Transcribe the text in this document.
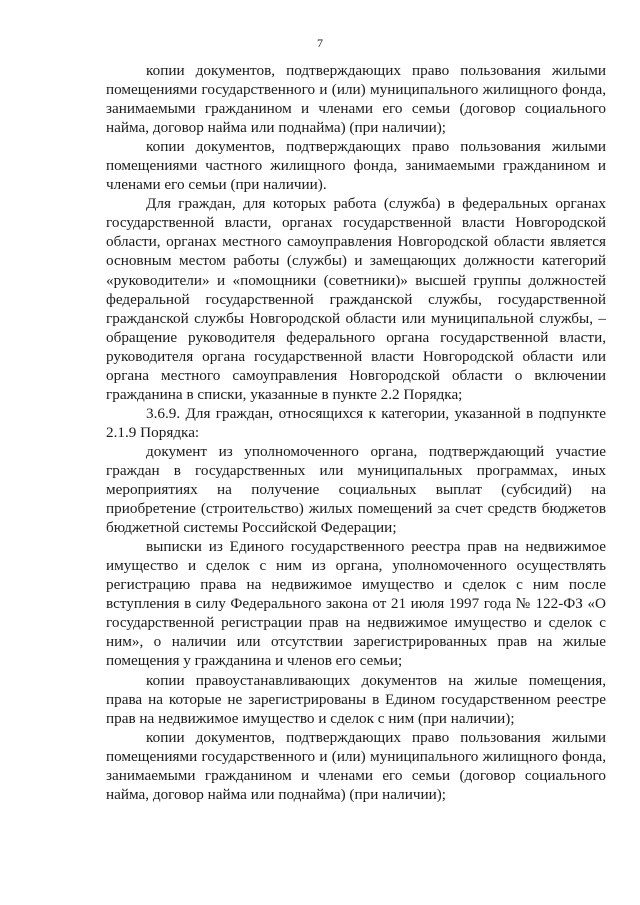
7

копии документов, подтверждающих право пользования жилыми помещениями государственного и (или) муниципального жилищного фонда, занимаемыми гражданином и членами его семьи (договор социального найма, договор найма или поднайма) (при наличии);

копии документов, подтверждающих право пользования жилыми помещениями частного жилищного фонда, занимаемыми гражданином и членами его семьи (при наличии).

Для граждан, для которых работа (служба) в федеральных органах государственной власти, органах государственной власти Новгородской области, органах местного самоуправления Новгородской области является основным местом работы (службы) и замещающих должности категорий «руководители» и «помощники (советники)» высшей группы должностей федеральной государственной гражданской службы, государственной гражданской службы Новгородской области или муниципальной службы, – обращение руководителя федерального органа государственной власти, руководителя органа государственной власти Новгородской области или органа местного самоуправления Новгородской области о включении гражданина в списки, указанные в пункте 2.2 Порядка;

3.6.9. Для граждан, относящихся к категории, указанной в подпункте 2.1.9 Порядка:

документ из уполномоченного органа, подтверждающий участие граждан в государственных или муниципальных программах, иных мероприятиях на получение социальных выплат (субсидий) на приобретение (строительство) жилых помещений за счет средств бюджетов бюджетной системы Российской Федерации;

выписки из Единого государственного реестра прав на недвижимое имущество и сделок с ним из органа, уполномоченного осуществлять регистрацию права на недвижимое имущество и сделок с ним после вступления в силу Федерального закона от 21 июля 1997 года № 122-ФЗ «О государственной регистрации прав на недвижимое имущество и сделок с ним», о наличии или отсутствии зарегистрированных прав на жилые помещения у гражданина и членов его семьи;

копии правоустанавливающих документов на жилые помещения, права на которые не зарегистрированы в Едином государственном реестре прав на недвижимое имущество и сделок с ним (при наличии);

копии документов, подтверждающих право пользования жилыми помещениями государственного и (или) муниципального жилищного фонда, занимаемыми гражданином и членами его семьи (договор социального найма, договор найма или поднайма) (при наличии);
